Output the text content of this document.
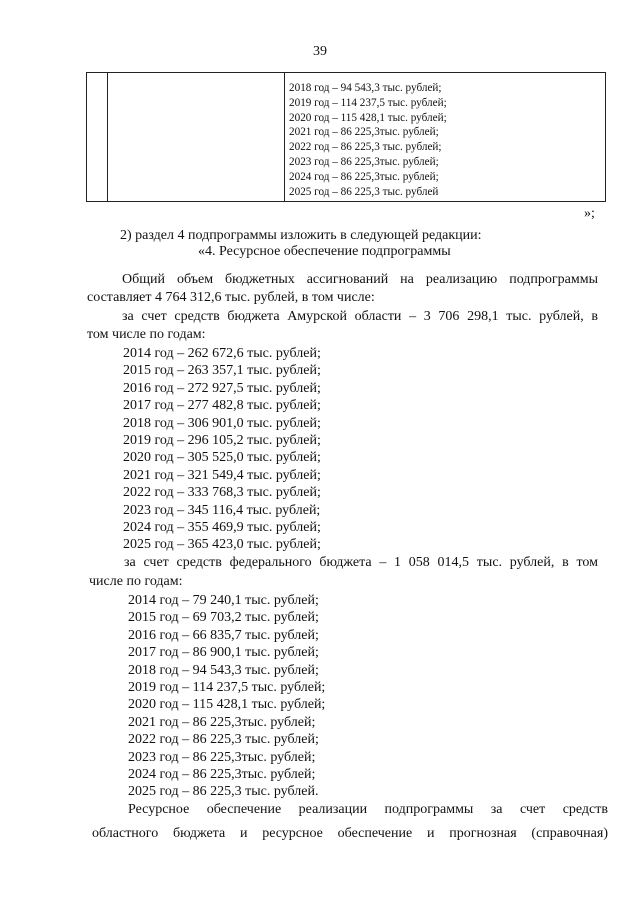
39
2018 год – 94 543,3 тыс. рублей;
2019 год – 114 237,5 тыс. рублей;
2020 год – 115 428,1 тыс. рублей;
2021 год – 86 225,3тыс. рублей;
2022 год – 86 225,3 тыс. рублей;
2023 год – 86 225,3тыс. рублей;
2024 год – 86 225,3тыс. рублей;
2025 год – 86 225,3 тыс. рублей
»;
2) раздел 4 подпрограммы изложить в следующей редакции:
«4. Ресурсное обеспечение подпрограммы
Общий объем бюджетных ассигнований на реализацию подпрограммы
составляет 4 764 312,6 тыс. рублей, в том числе:
за счет средств бюджета Амурской области – 3 706 298,1 тыс. рублей, в
том числе по годам:
2014 год – 262 672,6 тыс. рублей;
2015 год – 263 357,1 тыс. рублей;
2016 год – 272 927,5 тыс. рублей;
2017 год – 277 482,8 тыс. рублей;
2018 год – 306 901,0 тыс. рублей;
2019 год – 296 105,2 тыс. рублей;
2020 год – 305 525,0 тыс. рублей;
2021 год – 321 549,4 тыс. рублей;
2022 год – 333 768,3 тыс. рублей;
2023 год – 345 116,4 тыс. рублей;
2024 год – 355 469,9 тыс. рублей;
2025 год – 365 423,0 тыс. рублей;
за счет средств федерального бюджета – 1 058 014,5 тыс. рублей, в том
числе по годам:
2014 год – 79 240,1 тыс. рублей;
2015 год – 69 703,2 тыс. рублей;
2016 год – 66 835,7 тыс. рублей;
2017 год – 86 900,1 тыс. рублей;
2018 год – 94 543,3 тыс. рублей;
2019 год – 114 237,5 тыс. рублей;
2020 год – 115 428,1 тыс. рублей;
2021 год – 86 225,3тыс. рублей;
2022 год – 86 225,3 тыс. рублей;
2023 год – 86 225,3тыс. рублей;
2024 год – 86 225,3тыс. рублей;
2025 год – 86 225,3 тыс. рублей.
Ресурсное обеспечение реализации подпрограммы за счет средств
областного бюджета и ресурсное обеспечение и прогнозная (справочная)
